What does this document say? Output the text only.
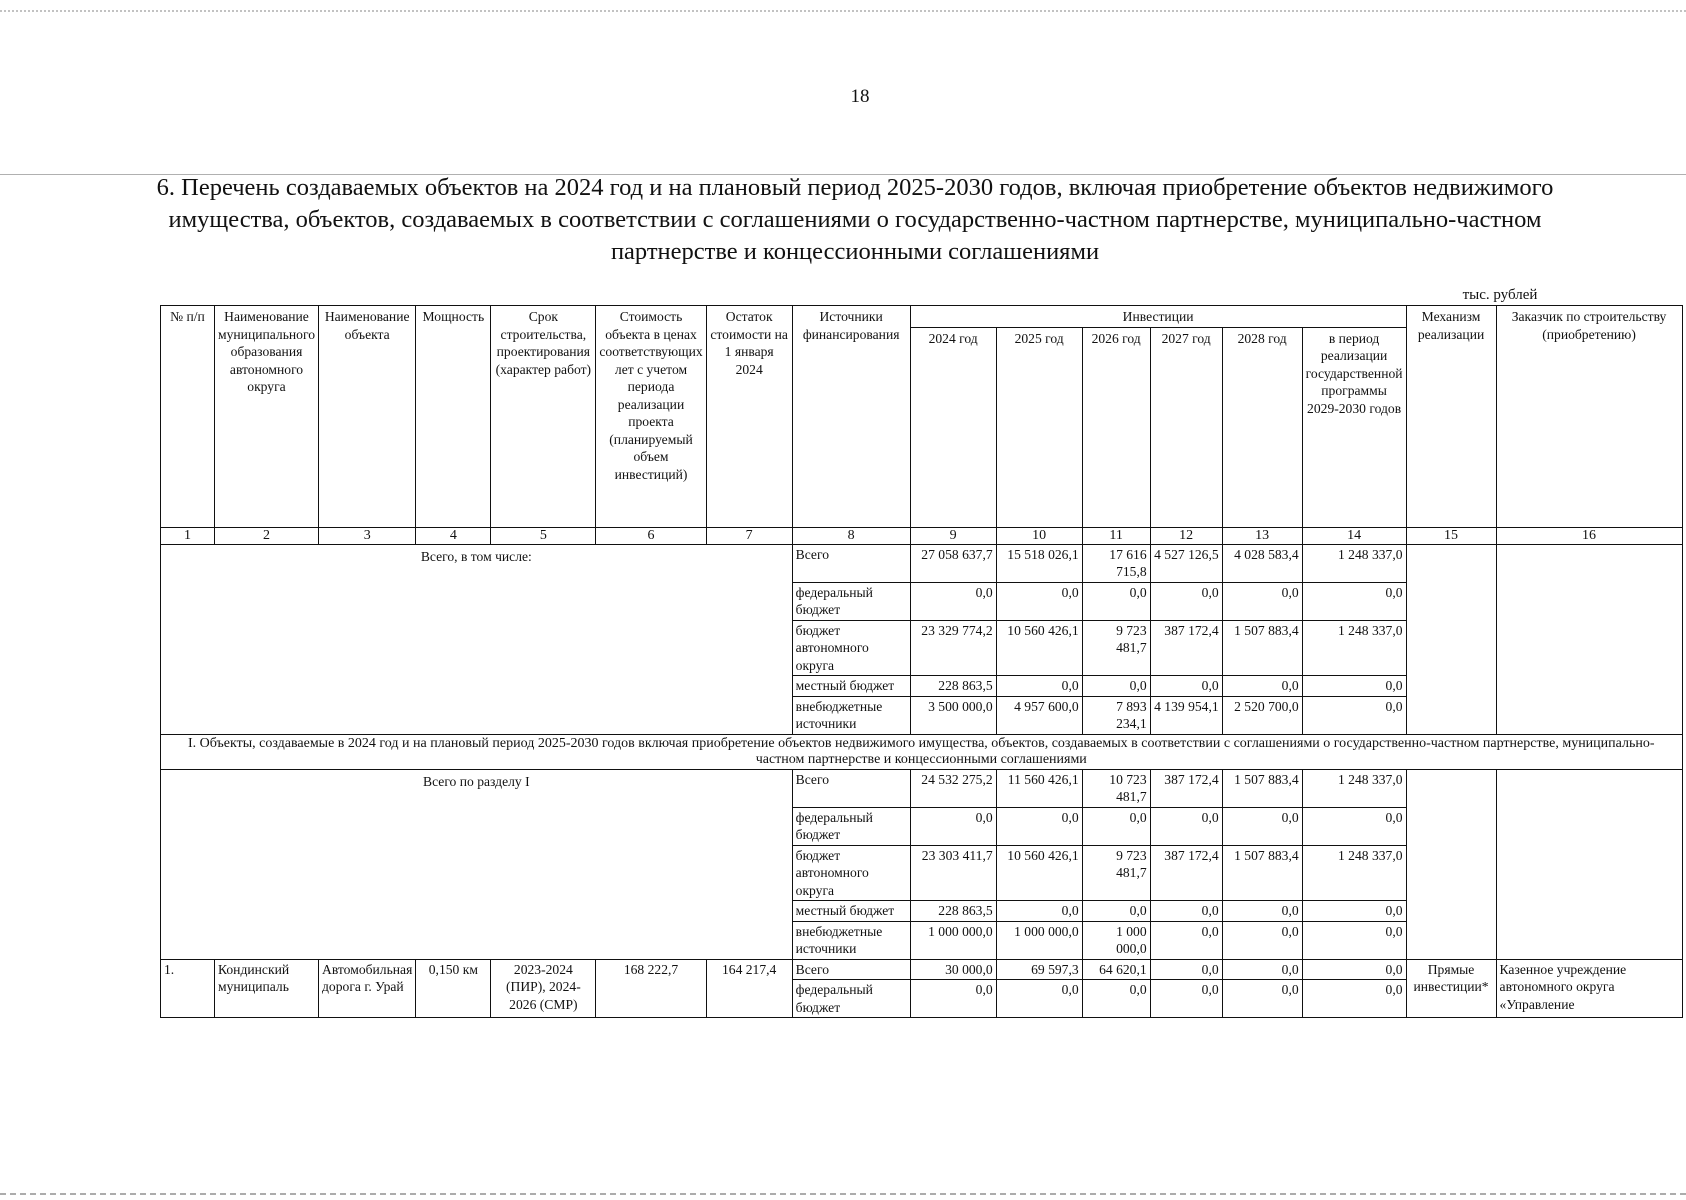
18
6. Перечень создаваемых объектов на 2024 год и на плановый период 2025-2030 годов, включая приобретение объектов недвижимого имущества, объектов, создаваемых в соответствии с соглашениями о государственно-частном партнерстве, муниципально-частном партнерстве и концессионными соглашениями
тыс. рублей
№ п/п	Наименование муниципального образования автономного округа	Наименование объекта	Мощность	Срок строительства, проектирования (характер работ)	Стоимость объекта в ценах соответствующих лет с учетом периода реализации проекта (планируемый объем инвестиций)	Остаток стоимости на 1 января 2024	Источники финансирования	Инвестиции						Механизм реализации	Заказчик по строительству (приобретению)
								2024 год	2025 год	2026 год	2027 год	2028 год	в период реализации государственной программы 2029-2030 годов		
1	2	3	4	5	6	7	8	9	10	11	12	13	14	15	16
Всего, в том числе:							Всего	27 058 637,7	15 518 026,1	17 616 715,8	4 527 126,5	4 028 583,4	1 248 337,0		
							федеральный бюджет	0,0	0,0	0,0	0,0	0,0	0,0		
							бюджет автономного округа	23 329 774,2	10 560 426,1	9 723 481,7	387 172,4	1 507 883,4	1 248 337,0		
							местный бюджет	228 863,5	0,0	0,0	0,0	0,0	0,0		
							внебюджетные источники	3 500 000,0	4 957 600,0	7 893 234,1	4 139 954,1	2 520 700,0	0,0		
I. Объекты, создаваемые в 2024 год и на плановый период 2025-2030 годов включая приобретение объектов недвижимого имущества, объектов, создаваемых в соответствии с соглашениями о государственно-частном партнерстве, муниципально-частном партнерстве и концессионными соглашениями															
Всего по разделу I							Всего	24 532 275,2	11 560 426,1	10 723 481,7	387 172,4	1 507 883,4	1 248 337,0		
							федеральный бюджет	0,0	0,0	0,0	0,0	0,0	0,0		
							бюджет автономного округа	23 303 411,7	10 560 426,1	9 723 481,7	387 172,4	1 507 883,4	1 248 337,0		
							местный бюджет	228 863,5	0,0	0,0	0,0	0,0	0,0		
							внебюджетные источники	1 000 000,0	1 000 000,0	1 000 000,0	0,0	0,0	0,0		
1.	Кондинский муниципаль	Автомобильная дорога г. Урай	0,150 км	2023-2024 (ПИР), 2024-2026 (СМР)	168 222,7	164 217,4	Всего	30 000,0	69 597,3	64 620,1	0,0	0,0	0,0	Прямые инвестиции*	Казенное учреждение автономного округа «Управление
							федеральный бюджет	0,0	0,0	0,0	0,0	0,0	0,0		
